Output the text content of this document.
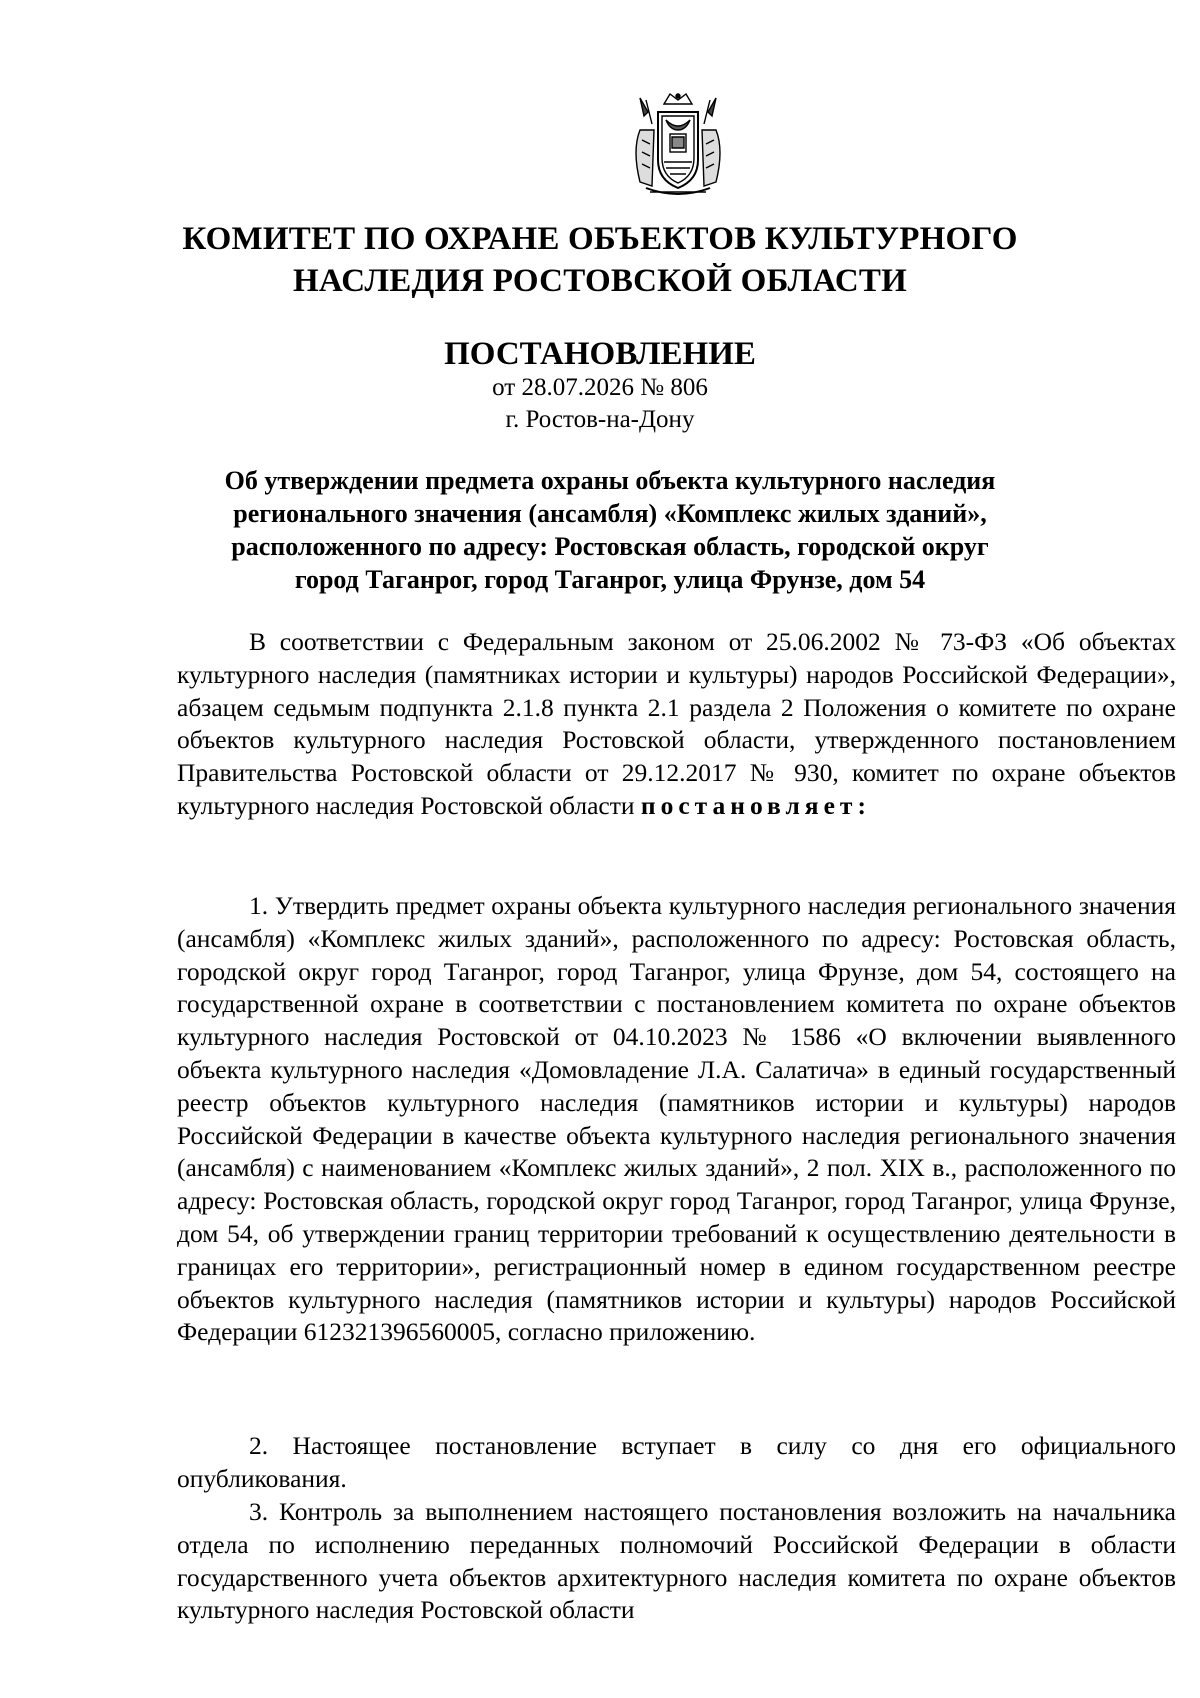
КОМИТЕТ ПО ОХРАНЕ ОБЪЕКТОВ КУЛЬТУРНОГО
НАСЛЕДИЯ РОСТОВСКОЙ ОБЛАСТИ
ПОСТАНОВЛЕНИЕ
от 28.07.2026 № 806
г. Ростов-на-Дону
Об утверждении предмета охраны объекта культурного наследия
регионального значения (ансамбля) «Комплекс жилых зданий»,
расположенного по адресу: Ростовская область, городской округ
город Таганрог, город Таганрог, улица Фрунзе, дом 54

В соответствии с Федеральным законом от 25.06.2002 № 73-ФЗ «Об объектах культурного наследия (памятниках истории и культуры) народов Российской Федерации», абзацем седьмым подпункта 2.1.8 пункта 2.1 раздела 2 Положения о комитете по охране объектов культурного наследия Ростовской области, утвержденного постановлением Правительства Ростовской области от 29.12.2017 № 930, комитет по охране объектов культурного наследия Ростовской области постановляет:

1. Утвердить предмет охраны объекта культурного наследия регионального значения (ансамбля) «Комплекс жилых зданий», расположенного по адресу: Ростовская область, городской округ город Таганрог, город Таганрог, улица Фрунзе, дом 54, состоящего на государственной охране в соответствии с постановлением комитета по охране объектов культурного наследия Ростовской от 04.10.2023 № 1586 «О включении выявленного объекта культурного наследия «Домовладение Л.А. Салатича» в единый государственный реестр объектов культурного наследия (памятников истории и культуры) народов Российской Федерации в качестве объекта культурного наследия регионального значения (ансамбля) с наименованием «Комплекс жилых зданий», 2 пол. XIX в., расположенного по адресу: Ростовская область, городской округ город Таганрог, город Таганрог, улица Фрунзе, дом 54, об утверждении границ территории требований к осуществлению деятельности в границах его территории», регистрационный номер в едином государственном реестре объектов культурного наследия (памятников истории и культуры) народов Российской Федерации 612321396560005, согласно приложению.

2. Настоящее постановление вступает в силу со дня его официального опубликования.

3. Контроль за выполнением настоящего постановления возложить на начальника отдела по исполнению переданных полномочий Российской Федерации в области государственного учета объектов архитектурного наследия комитета по охране объектов культурного наследия Ростовской области
